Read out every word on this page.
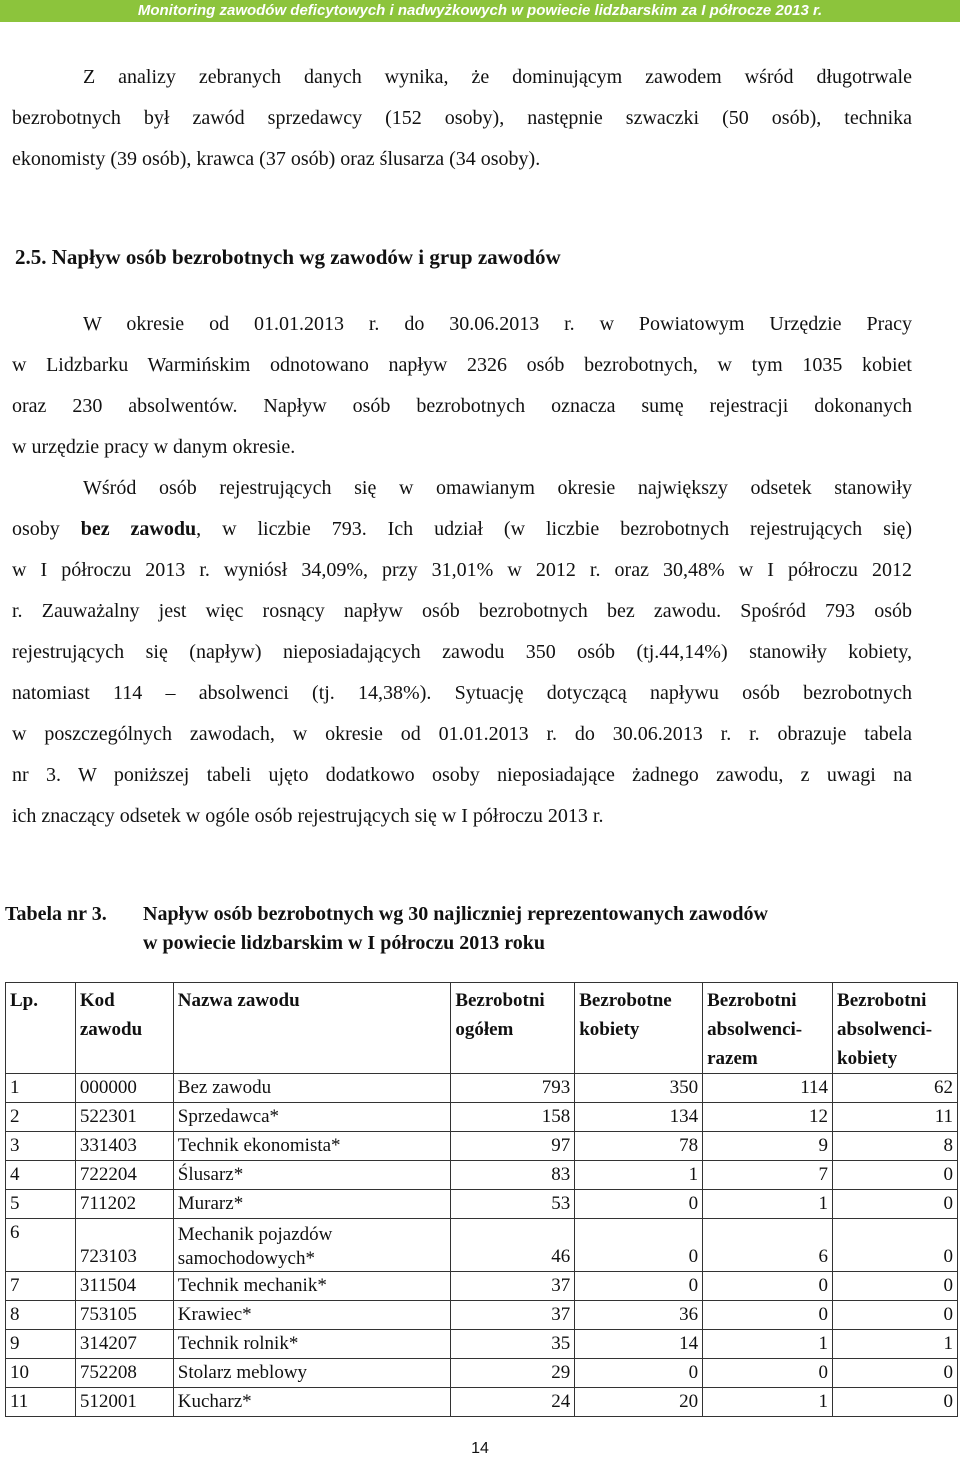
Monitoring zawodów deficytowych i nadwyżkowych w powiecie lidzbarskim za I półrocze 2013 r.
Z analizy zebranych danych wynika, że dominującym zawodem wśród długotrwale
bezrobotnych był zawód sprzedawcy (152 osoby), następnie szwaczki (50 osób), technika
ekonomisty (39 osób), krawca (37 osób) oraz ślusarza (34 osoby).
2.5. Napływ osób bezrobotnych wg zawodów i grup zawodów
W okresie od 01.01.2013 r. do 30.06.2013 r. w Powiatowym Urzędzie Pracy
w Lidzbarku Warmińskim odnotowano napływ 2326 osób bezrobotnych, w tym 1035 kobiet
oraz 230 absolwentów. Napływ osób bezrobotnych oznacza sumę rejestracji dokonanych
w urzędzie pracy w danym okresie.
Wśród osób rejestrujących się w omawianym okresie największy odsetek stanowiły
osoby bez zawodu, w liczbie 793. Ich udział (w liczbie bezrobotnych rejestrujących się)
w I półroczu 2013 r. wyniósł 34,09%, przy 31,01% w 2012 r. oraz 30,48% w I półroczu 2012
r. Zauważalny jest więc rosnący napływ osób bezrobotnych bez zawodu. Spośród 793 osób
rejestrujących się (napływ) nieposiadających zawodu 350 osób (tj.44,14%) stanowiły kobiety,
natomiast 114 – absolwenci (tj. 14,38%). Sytuację dotyczącą napływu osób bezrobotnych
w poszczególnych zawodach, w okresie od 01.01.2013 r. do 30.06.2013 r. r. obrazuje tabela
nr 3. W poniższej tabeli ujęto dodatkowo osoby nieposiadające żadnego zawodu, z uwagi na
ich znaczący odsetek w ogóle osób rejestrujących się w I półroczu 2013 r.
Tabela nr 3.	Napływ osób bezrobotnych wg 30 najliczniej reprezentowanych zawodów
w powiecie lidzbarskim w I półroczu 2013 roku
Lp.	Kod zawodu	Nazwa zawodu	Bezrobotni ogółem	Bezrobotne kobiety	Bezrobotni absolwenci-razem	Bezrobotni absolwenci-kobiety
1	000000	Bez zawodu	793	350	114	62
2	522301	Sprzedawca*	158	134	12	11
3	331403	Technik ekonomista*	97	78	9	8
4	722204	Ślusarz*	83	1	7	0
5	711202	Murarz*	53	0	1	0
6	723103	Mechanik pojazdów samochodowych*	46	0	6	0
7	311504	Technik mechanik*	37	0	0	0
8	753105	Krawiec*	37	36	0	0
9	314207	Technik rolnik*	35	14	1	1
10	752208	Stolarz meblowy	29	0	0	0
11	512001	Kucharz*	24	20	1	0
14
